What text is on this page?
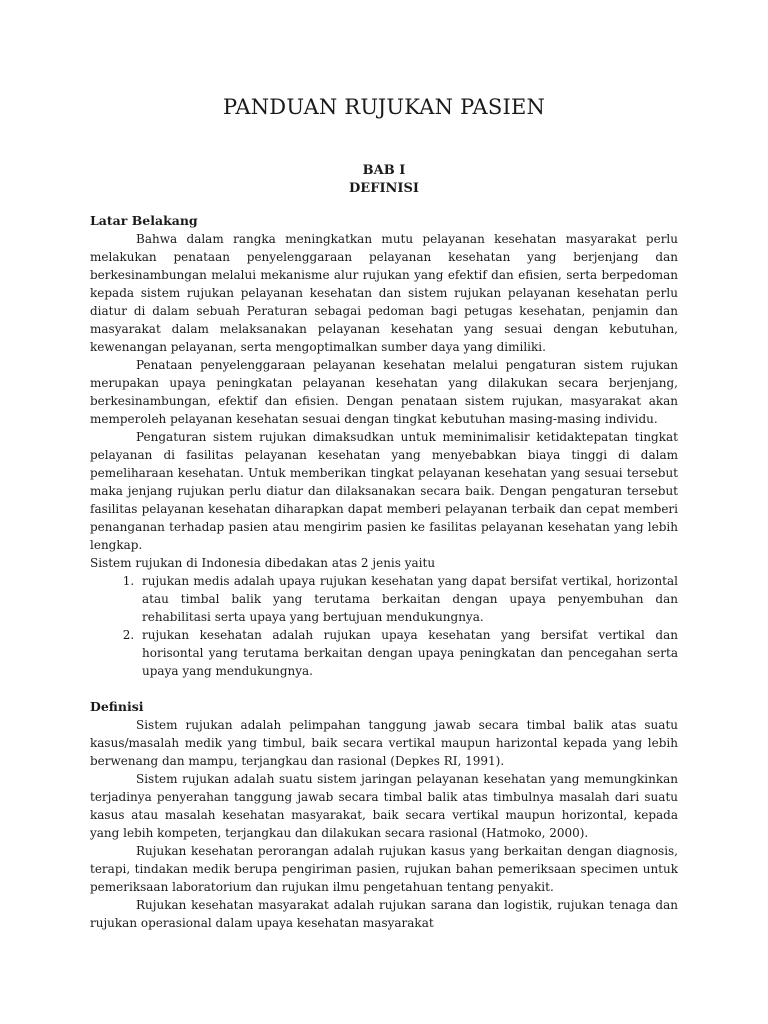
PANDUAN RUJUKAN PASIEN
BAB I
DEFINISI

Latar Belakang

Bahwa dalam rangka meningkatkan mutu pelayanan kesehatan masyarakat perlu melakukan penataan penyelenggaraan pelayanan kesehatan yang berjenjang dan berkesinambungan melalui mekanisme alur rujukan yang efektif dan efisien, serta berpedoman kepada sistem rujukan pelayanan kesehatan dan sistem rujukan pelayanan kesehatan perlu diatur di dalam sebuah Peraturan sebagai pedoman bagi petugas kesehatan, penjamin dan masyarakat dalam melaksanakan pelayanan kesehatan yang sesuai dengan kebutuhan, kewenangan pelayanan, serta mengoptimalkan sumber daya yang dimiliki.

Penataan penyelenggaraan pelayanan kesehatan melalui pengaturan sistem rujukan merupakan upaya peningkatan pelayanan kesehatan yang dilakukan secara berjenjang, berkesinambungan, efektif dan efisien. Dengan penataan sistem rujukan, masyarakat akan memperoleh pelayanan kesehatan sesuai dengan tingkat kebutuhan masing-masing individu.

Pengaturan sistem rujukan dimaksudkan untuk meminimalisir ketidaktepatan tingkat pelayanan di fasilitas pelayanan kesehatan yang menyebabkan biaya tinggi di dalam pemeliharaan kesehatan. Untuk memberikan tingkat pelayanan kesehatan yang sesuai tersebut maka jenjang rujukan perlu diatur dan dilaksanakan secara baik. Dengan pengaturan tersebut fasilitas pelayanan kesehatan diharapkan dapat memberi pelayanan terbaik dan cepat memberi penanganan terhadap pasien atau mengirim pasien ke fasilitas pelayanan kesehatan yang lebih lengkap.

Sistem rujukan di Indonesia dibedakan atas 2 jenis yaitu

1. rujukan medis adalah upaya rujukan kesehatan yang dapat bersifat vertikal, horizontal atau timbal balik yang terutama berkaitan dengan upaya penyembuhan dan rehabilitasi serta upaya yang bertujuan mendukungnya.
2. rujukan kesehatan adalah rujukan upaya kesehatan yang bersifat vertikal dan horisontal yang terutama berkaitan dengan upaya peningkatan dan pencegahan serta upaya yang mendukungnya.

Definisi

Sistem rujukan adalah pelimpahan tanggung jawab secara timbal balik atas suatu kasus/masalah medik yang timbul, baik secara vertikal maupun harizontal kepada yang lebih berwenang dan mampu, terjangkau dan rasional (Depkes RI, 1991).

Sistem rujukan adalah suatu sistem jaringan pelayanan kesehatan yang memungkinkan terjadinya penyerahan tanggung jawab secara timbal balik atas timbulnya masalah dari suatu kasus atau masalah kesehatan masyarakat, baik secara vertikal maupun horizontal, kepada yang lebih kompeten, terjangkau dan dilakukan secara rasional (Hatmoko, 2000).

Rujukan kesehatan perorangan adalah rujukan kasus yang berkaitan dengan diagnosis, terapi, tindakan medik berupa pengiriman pasien, rujukan bahan pemeriksaan specimen untuk pemeriksaan laboratorium dan rujukan ilmu pengetahuan tentang penyakit.

Rujukan kesehatan masyarakat adalah rujukan sarana dan logistik, rujukan tenaga dan rujukan operasional dalam upaya kesehatan masyarakat
